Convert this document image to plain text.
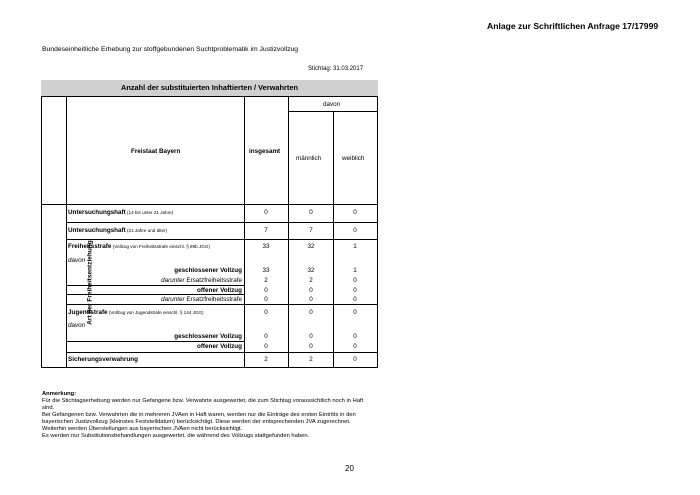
Anlage zur Schriftlichen Anfrage 17/17999
Bundeseinheitliche Erhebung zur stoffgebundenen Suchtproblematik im Justizvollzug
Stichtag: 31.03.2017
Anzahl der substituierten Inhaftierten / Verwahrten
Freistaat Bayern	insgesamt
davon
männlich	weiblich
Art der Freiheitsentziehung
Untersuchungshaft (14 bis unter 21 Jahre)	0	0	0
Untersuchungshaft (21 Jahre und älter)	7	7	0
Freiheitsstrafe (Vollzug von Freiheitsstrafe einschl. § 89b JGG)	33	32	1
davon
geschlossener Vollzug	33	32	1
darunter Ersatzfreiheitsstrafe	2	2	0
offener Vollzug	0	0	0
darunter Ersatzfreiheitsstrafe	0	0	0
Jugendstrafe (Vollzug von Jugendstrafe einschl. § 144 JGG)	0	0	0
davon
geschlossener Vollzug	0	0	0
offener Vollzug	0	0	0
Sicherungsverwahrung	2	2	0
Anmerkung:
Für die Stichtagserhebung werden nur Gefangene bzw. Verwahrte ausgewertet, die zum Stichtag voraussichtlich noch in Haft
sind.
Bei Gefangenen bzw. Verwahrten die in mehreren JVAen in Haft waren, werden nur die Einträge des ersten Eintritts in den
bayerischen Justizvollzug (kleinstes Feststelldatum) berücksichtigt. Diese werden der entsprechenden JVA zugerechnet.
Weiterhin werden Überstellungen aus bayerischen JVAen nicht berücksichtigt.
Es werden nur Substitutionsbehandlungen ausgewertet, die während des Vollzugs stattgefunden haben.
20
